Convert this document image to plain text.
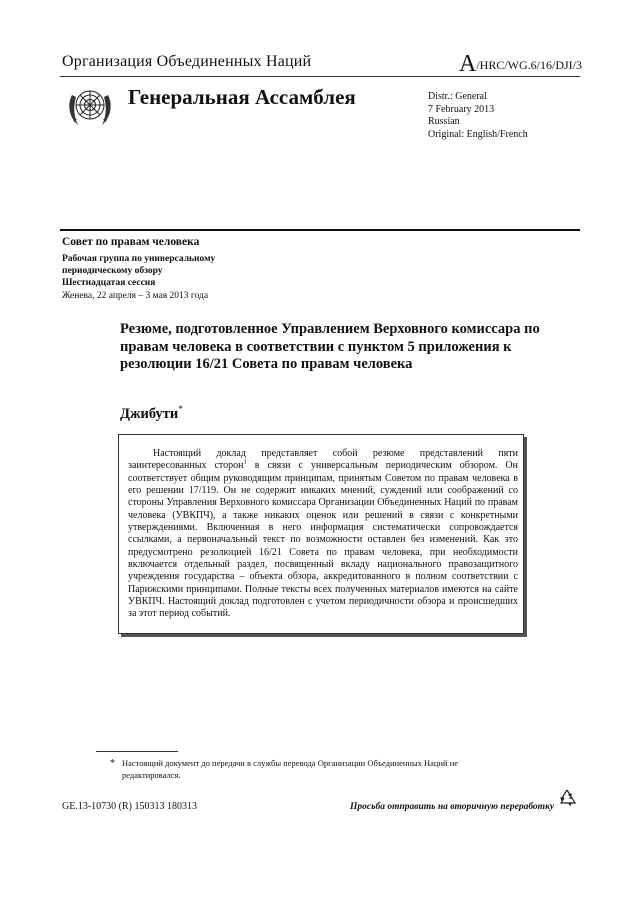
Организация Объединенных Наций	A/HRC/WG.6/16/DJI/3
Генеральная Ассамблея	Distr.: General
7 February 2013
Russian
Original: English/French
Совет по правам человека
Рабочая группа по универсальному периодическому обзору
Шестнадцатая сессия
Женева, 22 апреля – 3 мая 2013 года
Резюме, подготовленное Управлением Верховного комиссара по правам человека в соответствии с пунктом 5 приложения к резолюции 16/21 Совета по правам человека
Джибути*
   Настоящий доклад представляет собой резюме представлений пяти заинтересованных сторон$^1$ в связи с универсальным периодическим обзором. Он соответствует общим руководящим принципам, принятым Советом по правам человека в его решении 17/119. Он не содержит никаких мнений, суждений или соображений со стороны Управления Верховного комиссара Организации Объединенных Наций по правам человека (УВКПЧ), а также никаких оценок или решений в связи с конкретными утверждениями. Включенная в него информация систематически сопровождается ссылками, а первоначальный текст по возможности оставлен без изменений. Как это предусмотрено резолюцией 16/21 Совета по правам человека, при необходимости включается отдельный раздел, посвященный вкладу национального правозащитного учреждения государства – объекта обзора, аккредитованного в полном соответствии с Парижскими принципами. Полные тексты всех полученных материалов имеются на сайте УВКПЧ. Настоящий доклад подготовлен с учетом периодичности обзора и происшедших за этот период событий.
* Настоящий документ до передачи в службы перевода Организации Объединенных Наций не редактировался.
GE.13-10730 (R) 150313 180313	Просьба отправить на вторичную переработку
